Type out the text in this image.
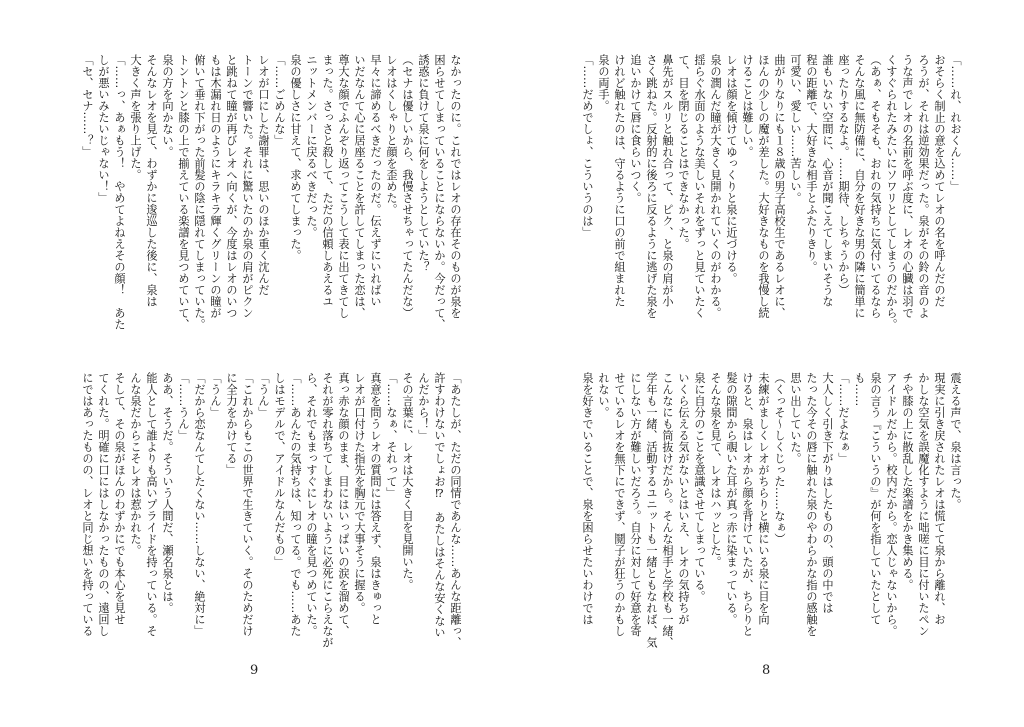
なかったのに。これではレオの存在そのものが泉を
困らせてしまっていることにならないか。今だって、
誘惑に負けて泉に何をしようとしていた？
（セナは優しいから、我慢させちゃってたんだな）
レオはくしゃりと顔を歪めた。
早々に諦めるべきだったのだ。伝えずにいればい
いだなんて心に居座ることを許してしまった恋は、
尊大な顔でふんぞり返ってこうして表に出てきてし
まった。さっさと殺して、ただの信頼しあえるユ
ニットメンバーに戻るべきだった。
泉の優しさに甘えて、求めてしまった。
「……ごめんな」
レオが口にした謝罪は、思いのほか重く沈んだ
トーンで響いた。それに驚いたのか泉の肩がピクン
と跳ねて瞳が再びレオへ向くが、今度はレオのいつ
もは木漏れ日のようにキラキラ輝くグリーンの瞳が
俯いて垂れ下がった前髪の陰に隠れてしまっていた。
トントンと膝の上で揃えている楽譜を見つめていて、
泉の方を向かない。
そんなレオを見て、わずかに逡巡した後に、泉は
大きく声を張り上げた。
「……っ、あぁもう！　やめてよねえその顔！　あた
しが悪いみたいじゃない！」
「セ、セナ……？」
「あたしが、ただの同情であんな……あんな距離っ、
許すわけないでしょお⁉　あたしはそんな安くない
んだから！」
その言葉に、レオは大きく目を見開いた。
「……なぁ、それって」
真意を問うレオの質問には答えず、泉はきゅっと
レオが口付けた指先を胸元で大事そうに握る。
真っ赤な顔のまま、目にはいっぱいの涙を溜めて、
それが零れ落ちてしまわないように必死にこらえなが
ら、それでもまっすぐにレオの瞳を見つめていた。
「……あんたの気持ちは、知ってる。でも……あた
しはモデルで、アイドルなんだもの」
「うん」
「これからもこの世界で生きていく。そのためだけ
に全力をかけてる」
「うん」
「だから恋なんてしたくない……しない、絶対に」
「……うん」
ああ、そうだ。そういう人間だ、瀬名泉とは。
能人として誰よりも高いプライドを持っている。そ
んな泉だからこそレオは惹かれた。
そして、その泉がほんのわずかにでも本心を見せ
てくれた。明確に口にはしなかったものの、遠回し
にではあったものの、レオと同じ想いを持っている
9
「……れ、れおくん……」
おそらく制止の意を込めてレオの名を呼んだのだ
ろうが、それは逆効果だった。泉がその鈴の音のよ
うな声でレオの名前を呼ぶ度に、レオの心臓は羽で
くすぐられたみたいにソワリとしてしまうのだから。
（あぁ、そもそも、おれの気持ちに気付いてるなら
そんな風に無防備に、自分を好きな男の隣に簡単に
座ったりするなよ。……期待、しちゃうから）
誰もいない空間に、心音が聞こえてしまいそうな
程の距離で、大好きな相手とふたりきり。
可愛い、愛しい……苦しい。
曲がりなりにも１８歳の男子高校生であるレオに、
ほんの少しの魔が差した。大好きなものを我慢し続
けることは難しい。
レオは顔を傾けてゆっくりと泉に近づける。
泉の潤んだ瞳が大きく見開かれていくのがわかる。
揺らぐ水面のような美しいそれをずっと見ていたく
て、目を閉じることはできなかった。
鼻先がスルリと触れ合って、ピク、と泉の肩が小
さく跳ねた。反射的に後ろに反るように逃げた泉を
追いかけて唇に食らいつく。
けれど触れたのは、守るように口の前で組まれた
泉の両手。
「……だめでしょ、こういうのは」
震える声で、泉は言った。
現実に引き戻されたレオは慌てて泉から離れ、お
かしな空気を誤魔化すように咄嗟に目に付いたペン
チや膝の上に散乱した楽譜をかき集める。
アイドルだから。校内だから。恋人じゃないから。
泉の言う『こういうの』が何を指していたとして
も……
「……だよなぁ」
大人しく引き下がりはしたものの、頭の中では
たった今その唇に触れた泉のやわらかな指の感触を
思い出していた。
（くっそ〜しくじった……なぁ）
未練がましくレオがちらりと横にいる泉に目を向
けると、泉はレオから顔を背けていたが、ちらりと
髪の隙間から覗いた耳が真っ赤に染まっている。
そんな泉を見て、レオはハッとした。
泉に自分のことを意識させてしまっている。
いくら伝える気がないとはいえ、レオの気持ちが
こんなにも筒抜けだから。そんな相手と学校も一緒、
学年も一緒、活動するユニットも一緒ともなれば、気
にしない方が難しいだろう。自分に対して好意を寄
せているレオを無下にできず、鬩子が狂うのかもし
れない。
泉を好きでいることで、泉を困らせたいわけでは
8
